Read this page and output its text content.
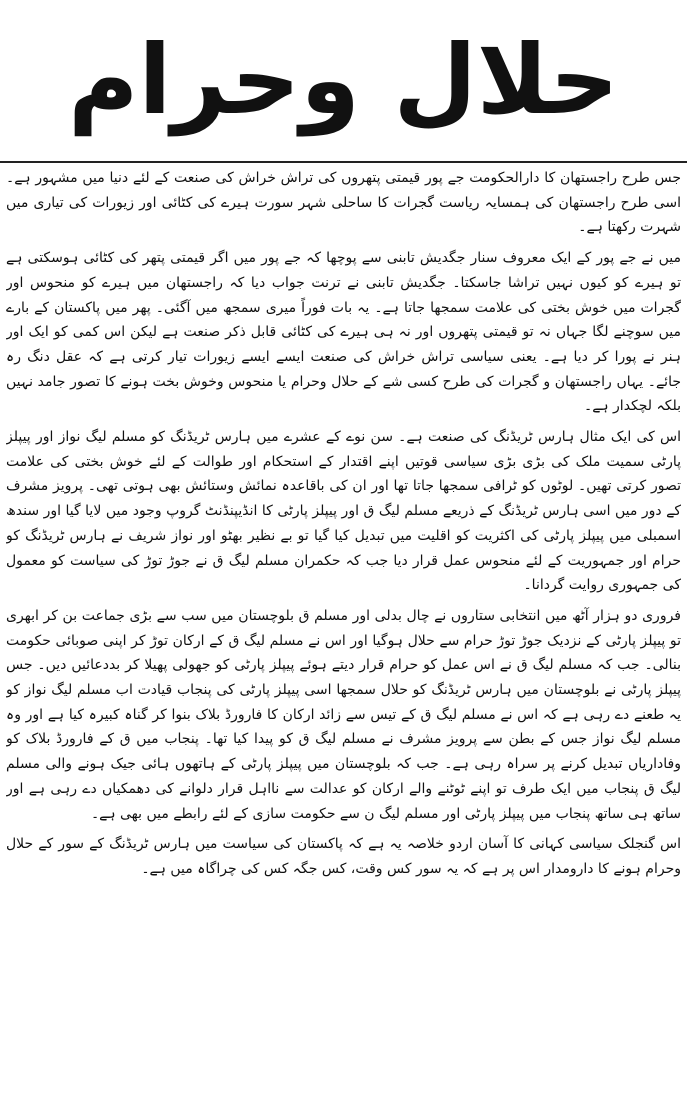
حلال وحرام

جس طرح راجستھان کا دارالحکومت جے پور قیمتی پتھروں کی تراش خراش کی صنعت کے لئے دنیا میں مشہور ہے۔اسی طرح راجستھان کی ہمسایہ ریاست گجرات کا ساحلی شہر سورت ہیرے کی کٹائی اور زیورات کی تیاری میں شہرت رکھتا ہے۔

میں نے جے پور کے ایک معروف سنار جگدیش تابنی سے پوچھا کہ جے پور میں اگر قیمتی پتھر کی کٹائی ہوسکتی ہے تو ہیرے کو کیوں نہیں تراشا جاسکتا۔ جگدیش تابنی نے ترنت جواب دیا کہ راجستھان میں ہیرے کو منحوس اور گجرات میں خوش بختی کی علامت سمجھا جاتا ہے۔ یہ بات فوراً میری سمجھ میں آگئی۔ پھر میں پاکستان کے بارے میں سوچنے لگا جہاں نہ تو قیمتی پتھروں اور نہ ہی ہیرے کی کٹائی قابل ذکر صنعت ہے لیکن اس کمی کو ایک اور ہنر نے پورا کر دیا ہے۔ یعنی سیاسی تراش خراش کی صنعت ایسے ایسے زیورات تیار کرتی ہے کہ عقل دنگ رہ جائے۔ یہاں راجستھان و گجرات کی طرح کسی شے کے حلال وحرام یا منحوس وخوش بخت ہونے کا تصور جامد نہیں بلکہ لچکدار ہے۔

اس کی ایک مثال ہارس ٹریڈنگ کی صنعت ہے۔ سن نوے کے عشرے میں ہارس ٹریڈنگ کو مسلم لیگ نواز اور پیپلز پارٹی سمیت ملک کی بڑی بڑی سیاسی قوتیں اپنے اقتدار کے استحکام اور طوالت کے لئے خوش بختی کی علامت تصور کرتی تھیں۔ لوٹوں کو ٹرافی سمجھا جاتا تھا اور ان کی باقاعدہ نمائش وستائش بھی ہوتی تھی۔ پرویز مشرف کے دور میں اسی ہارس ٹریڈنگ کے ذریعے مسلم لیگ ق اور پیپلز پارٹی کا انڈیپنڈنٹ گروپ وجود میں لایا گیا اور سندھ اسمبلی میں پیپلز پارٹی کی اکثریت کو اقلیت میں تبدیل کیا گیا تو بے نظیر بھٹو اور نواز شریف نے ہارس ٹریڈنگ کو حرام اور جمہوریت کے لئے منحوس عمل قرار دیا جب کہ حکمران مسلم لیگ ق نے جوڑ توڑ کی سیاست کو معمول کی جمہوری روایت گردانا۔

فروری دو ہزار آٹھ میں انتخابی ستاروں نے چال بدلی اور مسلم ق بلوچستان میں سب سے بڑی جماعت بن کر ابھری تو پیپلز پارٹی کے نزدیک جوڑ توڑ حرام سے حلال ہوگیا اور اس نے مسلم لیگ ق کے ارکان توڑ کر اپنی صوبائی حکومت بنالی۔ جب کہ مسلم لیگ ق نے اس عمل کو حرام قرار دیتے ہوئے پیپلز پارٹی کو جھولی پھیلا کر بددعائیں دیں۔ جس پیپلز پارٹی نے بلوچستان میں ہارس ٹریڈنگ کو حلال سمجھا اسی پیپلز پارٹی کی پنجاب قیادت اب مسلم لیگ نواز کو یہ طعنے دے رہی ہے کہ اس نے مسلم لیگ ق کے تیس سے زائد ارکان کا فارورڈ بلاک بنوا کر گناہ کبیرہ کیا ہے اور وہ مسلم لیگ نواز جس کے بطن سے پرویز مشرف نے مسلم لیگ ق کو پیدا کیا تھا۔ پنجاب میں ق کے فارورڈ بلاک کو وفاداریاں تبدیل کرنے پر سراہ رہی ہے۔ جب کہ بلوچستان میں پیپلز پارٹی کے ہاتھوں ہائی جیک ہونے والی مسلم لیگ ق پنجاب میں ایک طرف تو اپنے ٹوٹنے والے ارکان کو عدالت سے نااہل قرار دلوانے کی دھمکیاں دے رہی ہے اور ساتھ ہی ساتھ پنجاب میں پیپلز پارٹی اور مسلم لیگ ن سے حکومت سازی کے لئے رابطے میں بھی ہے۔

اس گنجلک سیاسی کہانی کا آسان اردو خلاصہ یہ ہے کہ پاکستان کی سیاست میں ہارس ٹریڈنگ کے سور کے حلال وحرام ہونے کا دارومدار اس پر ہے کہ یہ سور کس وقت، کس جگہ کس کی چراگاہ میں ہے۔
